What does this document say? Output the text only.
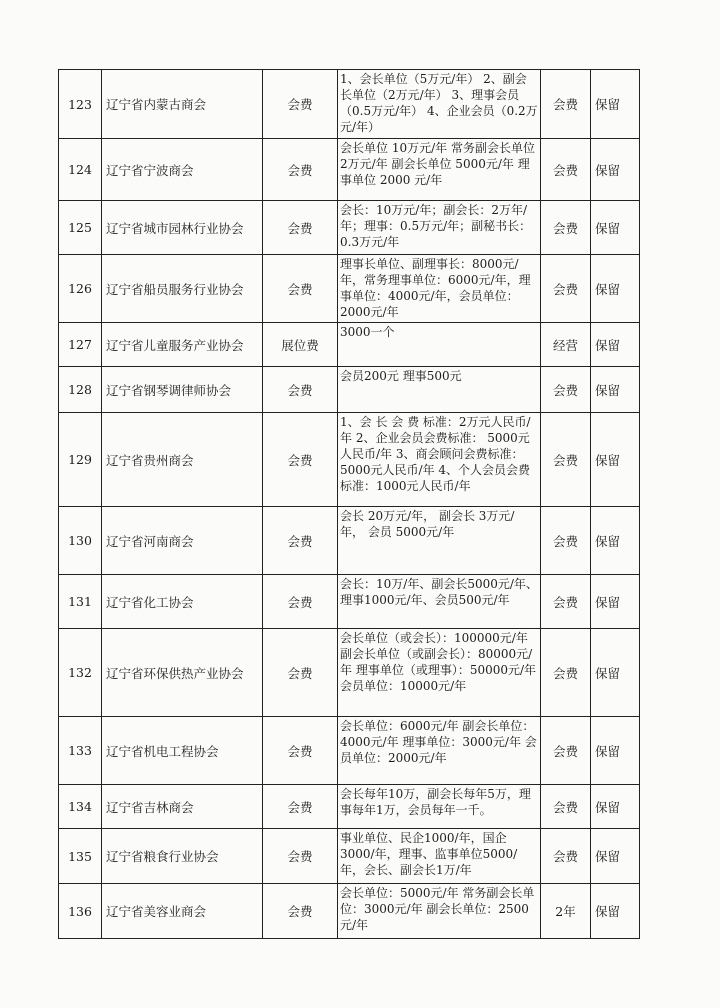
123	辽宁省内蒙古商会	会费	1、会长单位（5万元/年） 2、副会长单位（2万元/年） 3、理事会员（0.5万元/年） 4、企业会员（0.2万元/年）	会费	保留

124	辽宁省宁波商会	会费	会长单位 10万元/年 常务副会长单位 2万元/年 副会长单位 5000元/年 理事单位 2000 元/年	会费	保留

125	辽宁省城市园林行业协会	会费	会长：10万元/年；副会长：2万年/年；理事：0.5万元/年；副秘书长：0.3万元/年	会费	保留

126	辽宁省船员服务行业协会	会费	理事长单位、副理事长：8000元/年，常务理事单位：6000元/年，理事单位：4000元/年，会员单位：2000元/年	会费	保留

127	辽宁省儿童服务产业协会	展位费	3000一个	经营	保留

128	辽宁省钢琴调律师协会	会费	会员200元 理事500元	会费	保留

129	辽宁省贵州商会	会费	1、会 长 会 费 标准：2万元人民币/年 2、企业会员会费标准： 5000元人民币/年 3、商会顾问会费标准： 5000元人民币/年 4、个人会员会费标准：1000元人民币/年	会费	保留

130	辽宁省河南商会	会费	会长 20万元/年， 副会长 3万元/年， 会员 5000元/年	会费	保留

131	辽宁省化工协会	会费	会长：10万/年、副会长5000元/年、理事1000元/年、会员500元/年	会费	保留

132	辽宁省环保供热产业协会	会费	会长单位（或会长）：100000元/年 副会长单位（或副会长）：80000元/年 理事单位（或理事）：50000元/年 会员单位：10000元/年	会费	保留

133	辽宁省机电工程协会	会费	会长单位：6000元/年 副会长单位：4000元/年 理事单位：3000元/年 会员单位：2000元/年	会费	保留

134	辽宁省吉林商会	会费	会长每年10万，副会长每年5万，理事每年1万，会员每年一千。	会费	保留

135	辽宁省粮食行业协会	会费	事业单位、民企1000/年，国企3000/年，理事、监事单位5000/年，会长、副会长1万/年	会费	保留

136	辽宁省美容业商会	会费	会长单位：5000元/年 常务副会长单位：3000元/年 副会长单位：2500元/年	2年	保留
